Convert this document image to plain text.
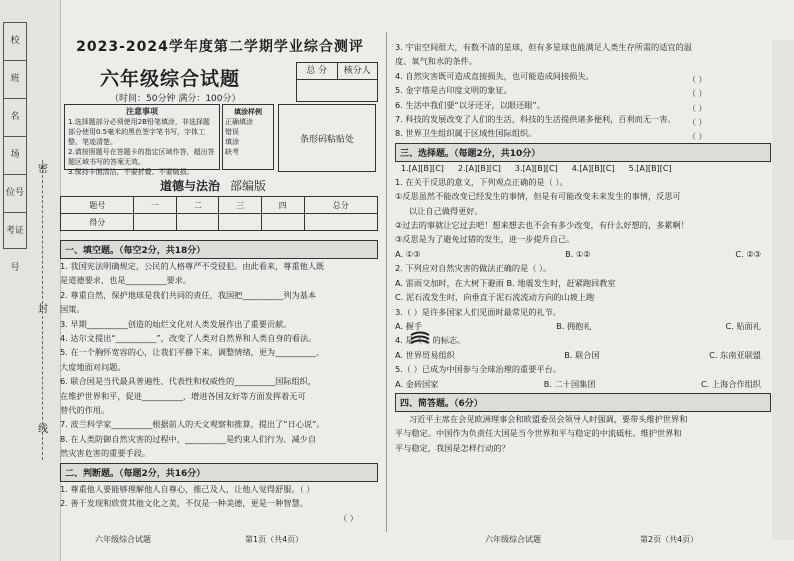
校
班
名
场
位号
考证号
密
封
线
2023-2024学年度第二学期学业综合测评
六年级综合试题
（时间：50分钟 满分：100分）
总 分	核分人
注意事项
1.选择题部分必须使用2B铅笔填涂，非选择题部分使用0.5毫米的黑色签字笔书写，字体工整、笔迹清楚。
2.请按照题号在答题卡的指定区域作答，超出答题区域书写的答案无效。
3.保持卡面清洁，不要折叠、不要破损。
填涂样例
正确填涂
错误
填涂
缺考
条形码粘贴处
道德与法治 部编版
题号	一	二	三	四	总分
得分					
一、填空题。（每空2分，共18分）
1. 我国宪法明确规定，公民的人格尊严不受侵犯。由此看来，尊重他人既
是道德要求，也是__________要求。
2. 尊重自然，保护地球是我们共同的责任，我国把__________列为基本
国策。
3. 早期__________创造的灿烂文化对人类发展作出了重要贡献。
4. 达尔文提出“__________”，改变了人类对自然界和人类自身的看法。
5. 在一个胸怀宽容的心，让我们平静下来，调整情绪，更为__________、
大度地面对问题。
6. 联合国是当代最具普遍性、代表性和权威性的__________国际组织，
在维护世界和平，促进__________，增进各国友好等方面发挥着无可
替代的作用。
7. 波兰科学家__________根据前人的天文观察和推算，提出了“日心说”。
8. 在人类防御自然灾害的过程中，__________是约束人们行为、减少自
然灾害危害的重要手段。
二、判断题。（每题2分，共16分）
1. 尊重他人要能够理解他人自尊心，推己及人，让他人觉得舒服。（ ）
2. 善于发现和欣赏其他文化之美，不仅是一种美德，更是一种智慧。
（ ）
3. 宇宙空间很大，有数不清的星球，但有多星球也能满足人类生存所需的适宜的温
度、氧气和水的条件。
4. 自然灾害既可造成直接损失，也可能造成间接损失。
5. 金字塔是古印度文明的象征。
6. 生活中我们要“以牙还牙，以眼还眼”。
7. 科技的发展改变了人们的生活，科技的生活提供诸多便利，百利而无一害。
8. 世界卫生组织属于区域性国际组织。
三、选择题。（每题2分，共10分）
1.[A][B][C] 2.[A][B][C] 3.[A][B][C] 4.[A][B][C] 5.[A][B][C]
1. 在关于反思的意义，下列观点正确的是（ ）。
①反思虽然不能改变已经发生的事情，但是有可能改变未来发生的事情，反思可
以让自己做得更好。
②过去的事就让它过去吧！想来想去也不会有多少改变，有什么好想的，多累啊！
③反思是为了避免过错的发生，进一步提升自己。
A. ①③	B. ①②	C. ②③
2. 下列应对自然灾害的做法正确的是（ ）。
A. 雷雨交加时，在大树下避雨 B. 地震发生时，赶紧跑回教室
C. 泥石流发生时，向垂直于泥石流流动方向的山坡上跑
3.（ ）是许多国家人们见面时最常见的礼节。
A. 握手	B. 拥抱礼	C. 贴面礼
4. 是（ ）的标志。
A. 世界贸易组织	B. 联合国	C. 东南亚联盟
5.（ ）已成为中国参与全球治理的重要平台。
A. 金砖国家	B. 二十国集团	C. 上海合作组织
四、简答题。（6分）
习近平主席在会见欧洲理事会和欧盟委员会领导人时强调，要带头维护世界和
平与稳定。中国作为负责任大国是当今世界和平与稳定的中流砥柱。维护世界和
平与稳定，我国是怎样行动的？
（ ）
（ ）
（ ）
（ ）
（ ）
六年级综合试题	第1页（共4页）	六年级综合试题	第2页（共4页）
